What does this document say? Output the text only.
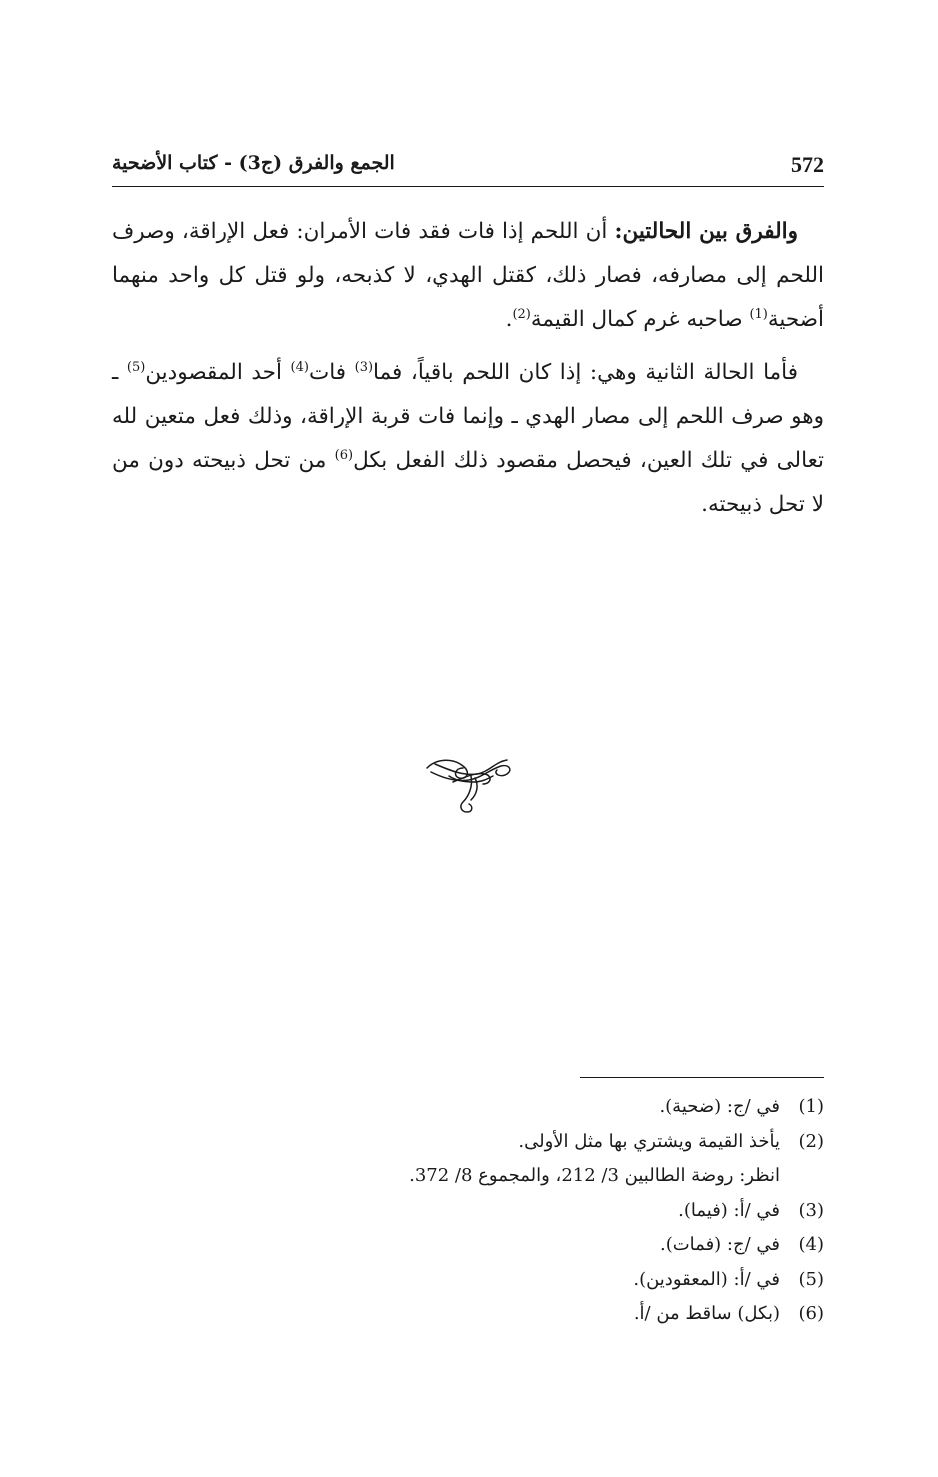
572
الجمع والفرق (ج3) - كتاب الأضحية

والفرق بين الحالتين: أن اللحم إذا فات فقد فات الأمران: فعل الإراقة، وصرف اللحم إلى مصارفه، فصار ذلك، كقتل الهدي، لا كذبحه، ولو قتل كل واحد منهما أضحية$^{(1)}$ صاحبه غرم كمال القيمة$^{(2)}$.

فأما الحالة الثانية وهي: إذا كان اللحم باقياً، فما$^{(3)}$ فات$^{(4)}$ أحد المقصودين$^{(5)}$ ـ وهو صرف اللحم إلى مصار الهدي ـ وإنما فات قربة الإراقة، وذلك فعل متعين لله تعالى في تلك العين، فيحصل مقصود ذلك الفعل بكل$^{(6)}$ من تحل ذبيحته دون من لا تحل ذبيحته.

(1)
في /ج: (ضحية).
(2)
يأخذ القيمة ويشتري بها مثل الأولى.
انظر: روضة الطالبين 3/ 212، والمجموع 8/ 372.
(3)
في /أ: (فيما).
(4)
في /ج: (فمات).
(5)
في /أ: (المعقودين).
(6)
(بكل) ساقط من /أ.
